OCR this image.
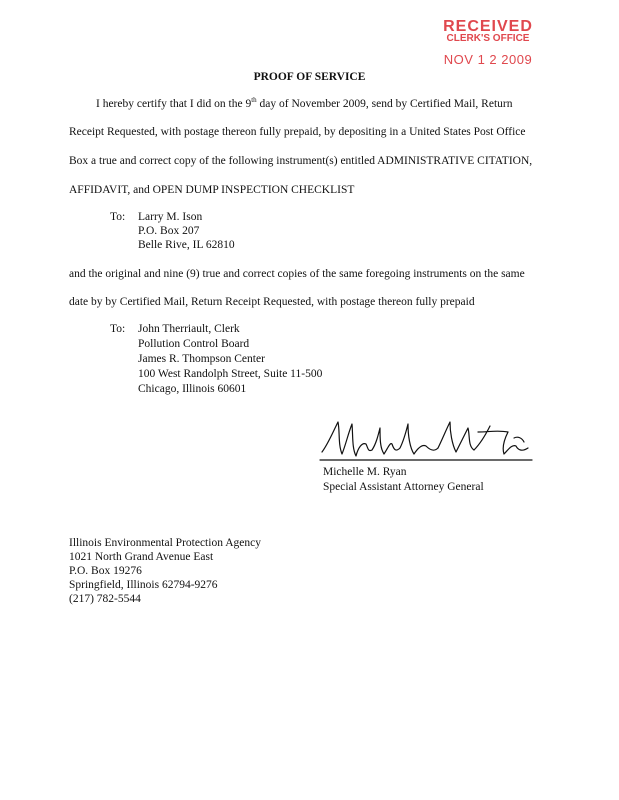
RECEIVED
CLERK'S OFFICE
NOV 1 2 2009
PROOF OF SERVICE
I hereby certify that I did on the 9th day of November 2009, send by Certified Mail, Return
Receipt Requested, with postage thereon fully prepaid, by depositing in a United States Post Office
Box a true and correct copy of the following instrument(s) entitled ADMINISTRATIVE CITATION,
AFFIDAVIT, and OPEN DUMP INSPECTION CHECKLIST
To: Larry M. Ison
P.O. Box 207
Belle Rive, IL 62810
and the original and nine (9) true and correct copies of the same foregoing instruments on the same
date by by Certified Mail, Return Receipt Requested, with postage thereon fully prepaid
To: John Therriault, Clerk
Pollution Control Board
James R. Thompson Center
100 West Randolph Street, Suite 11-500
Chicago, Illinois 60601
Michelle M. Ryan
Special Assistant Attorney General
Illinois Environmental Protection Agency
1021 North Grand Avenue East
P.O. Box 19276
Springfield, Illinois 62794-9276
(217) 782-5544
